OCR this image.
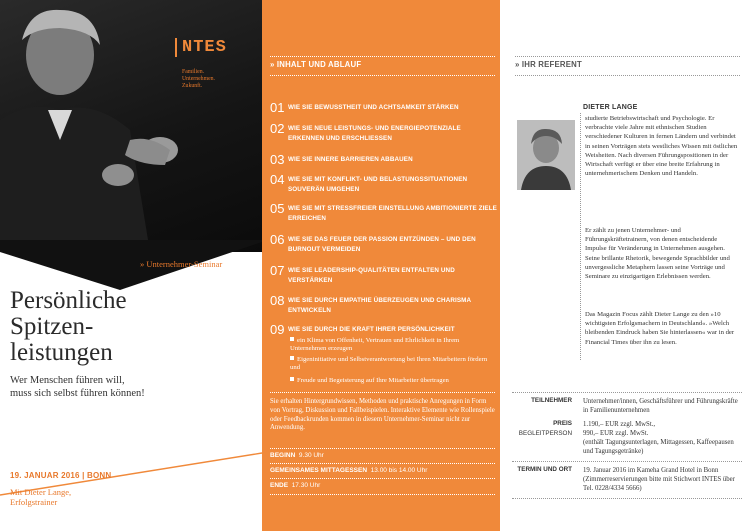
NTES
Familien.
Unternehmen.
Zukunft.
» Unternehmer-Seminar
Persönliche
Spitzen-
leistungen
Wer Menschen führen will,
muss sich selbst führen können!
19. JANUAR 2016 | BONN
Mit Dieter Lange,
Erfolgstrainer
» INHALT UND ABLAUF
01 WIE SIE BEWUSSTHEIT UND ACHTSAMKEIT STÄRKEN
02 WIE SIE NEUE LEISTUNGS- UND ENERGIEPOTENZIALE ERKENNEN UND ERSCHLIESSEN
03 WIE SIE INNERE BARRIEREN ABBAUEN
04 WIE SIE MIT KONFLIKT- UND BELASTUNGSSITUATIONEN SOUVERÄN UMGEHEN
05 WIE SIE MIT STRESSFREIER EINSTELLUNG AMBITIONIERTE ZIELE ERREICHEN
06 WIE SIE DAS FEUER DER PASSION ENTZÜNDEN – UND DEN BURNOUT VERMEIDEN
07 WIE SIE LEADERSHIP-QUALITÄTEN ENTFALTEN UND VERSTÄRKEN
08 WIE SIE DURCH EMPATHIE ÜBERZEUGEN UND CHARISMA ENTWICKELN
09 WIE SIE DURCH DIE KRAFT IHRER PERSÖNLICHKEIT
ein Klima von Offenheit, Vertrauen und Ehrlichkeit in Ihrem Unternehmen erzeugen
Eigeninitiative und Selbstverantwortung bei Ihren Mitarbeitern fördern und
Freude und Begeisterung auf Ihre Mitarbeiter übertragen
Sie erhalten Hintergrundwissen, Methoden und praktische Anregungen in Form von Vortrag, Diskussion und Fallbeispielen. Interaktive Elemente wie Rollenspiele oder Feedbackrunden kommen in diesem Unternehmer-Seminar nicht zur Anwendung.
BEGINN 9.30 Uhr
GEMEINSAMES MITTAGESSEN 13.00 bis 14.00 Uhr
ENDE 17.30 Uhr
» IHR REFERENT
DIETER LANGE
studierte Betriebswirtschaft und Psychologie. Er verbrachte viele Jahre mit ethnischen Studien verschiedener Kulturen in fernen Ländern und verbindet in seinen Vorträgen stets westliches Wissen mit östlichen Weisheiten. Nach diversen Führungspositionen in der Wirtschaft verfügt er über eine breite Erfahrung in unternehmerischem Denken und Handeln.
Er zählt zu jenen Unternehmer- und Führungskräftetrainern, von denen entscheidende Impulse für Veränderung in Unternehmen ausgehen. Seine brillante Rhetorik, bewegende Sprachbilder und unvergessliche Metaphern lassen seine Vorträge und Seminare zu einzigartigen Erlebnissen werden.
Das Magazin Focus zählt Dieter Lange zu den »10 wichtigsten Erfolgsmachern in Deutschland«. »Welch bleibenden Eindruck haben Sie hinterlassen« war in der Financial Times über ihn zu lesen.
TEILNEHMER Unternehmer/innen, Geschäftsführer und Führungskräfte in Familienunternehmen
PREIS
BEGLEITPERSON
1.190,– EUR zzgl. MwSt.,
990,– EUR zzgl. MwSt.
(enthält Tagungsunterlagen, Mittagessen, Kaffeepausen und Tagungsgetränke)
TERMIN UND ORT 19. Januar 2016 im Kameha Grand Hotel in Bonn (Zimmerreservierungen bitte mit Stichwort INTES über Tel. 0228/4334 5666)
